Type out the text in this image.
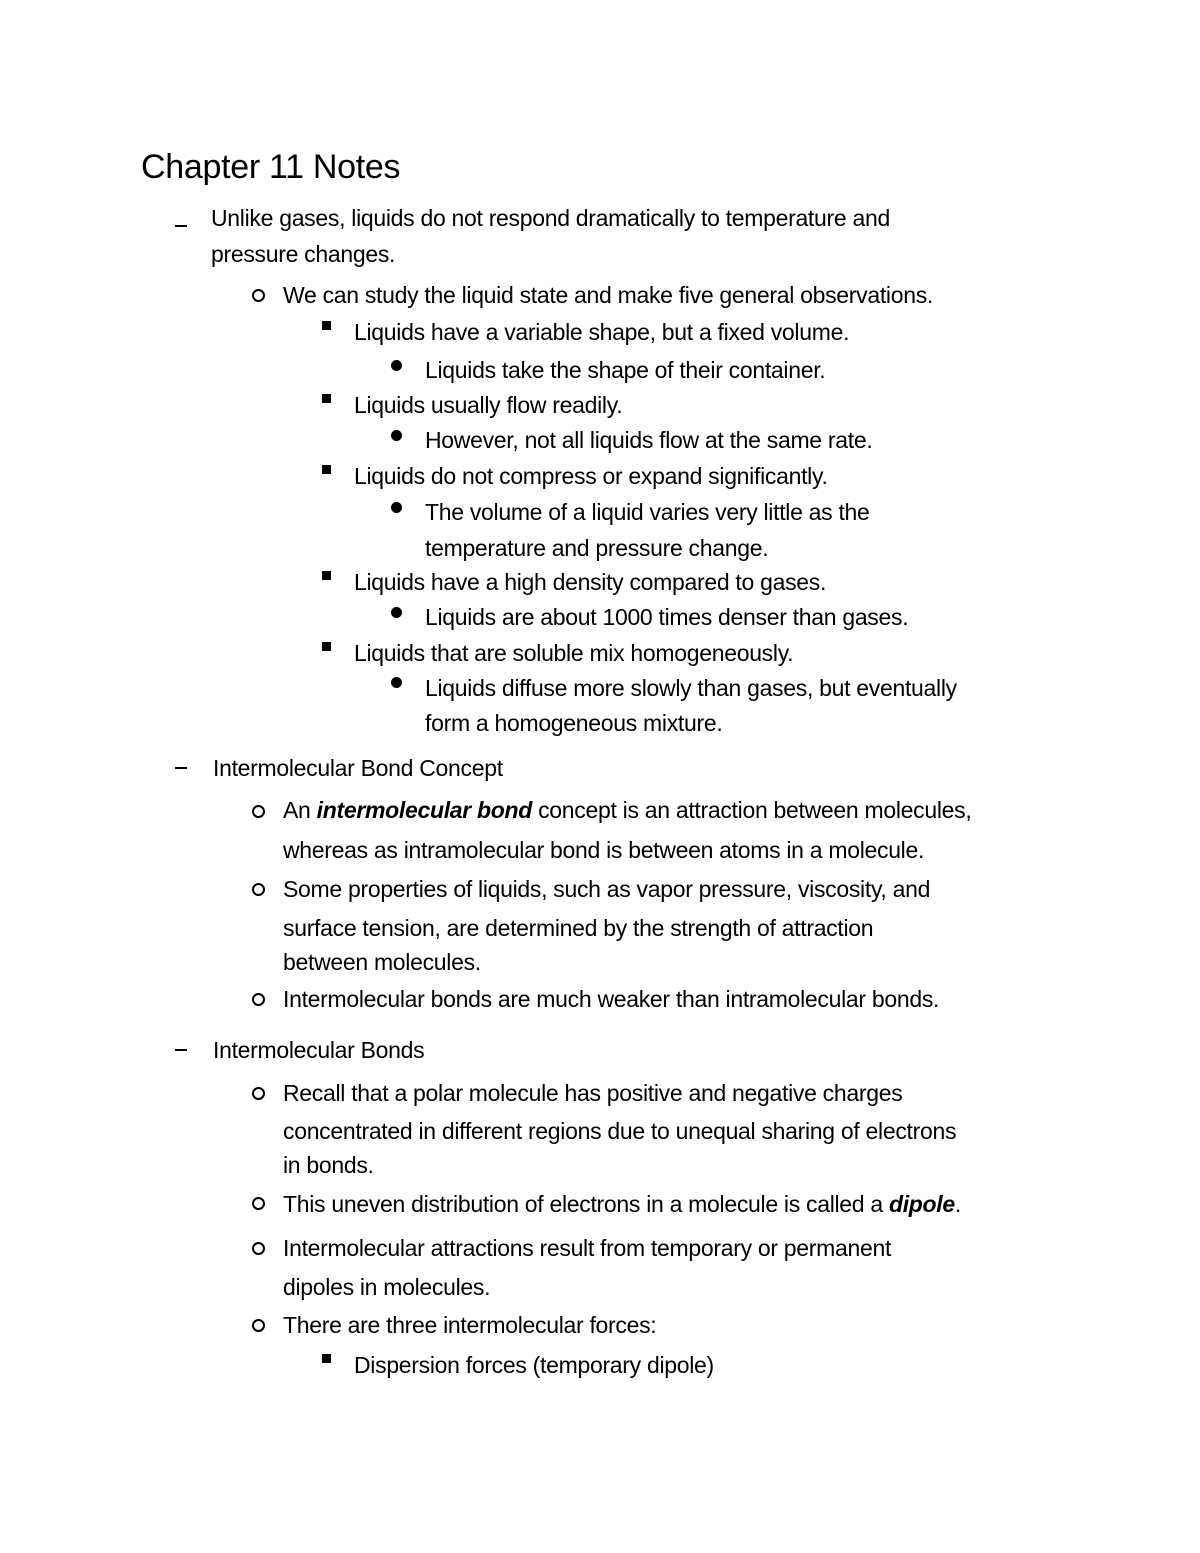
Chapter 11 Notes
Unlike gases, liquids do not respond dramatically to temperature and
pressure changes.
We can study the liquid state and make five general observations.
Liquids have a variable shape, but a fixed volume.
Liquids take the shape of their container.
Liquids usually flow readily.
However, not all liquids flow at the same rate.
Liquids do not compress or expand significantly.
The volume of a liquid varies very little as the
temperature and pressure change.
Liquids have a high density compared to gases.
Liquids are about 1000 times denser than gases.
Liquids that are soluble mix homogeneously.
Liquids diffuse more slowly than gases, but eventually
form a homogeneous mixture.
Intermolecular Bond Concept
An intermolecular bond concept is an attraction between molecules,
whereas as intramolecular bond is between atoms in a molecule.
Some properties of liquids, such as vapor pressure, viscosity, and
surface tension, are determined by the strength of attraction
between molecules.
Intermolecular bonds are much weaker than intramolecular bonds.
Intermolecular Bonds
Recall that a polar molecule has positive and negative charges
concentrated in different regions due to unequal sharing of electrons
in bonds.
This uneven distribution of electrons in a molecule is called a dipole.
Intermolecular attractions result from temporary or permanent
dipoles in molecules.
There are three intermolecular forces:
Dispersion forces (temporary dipole)
